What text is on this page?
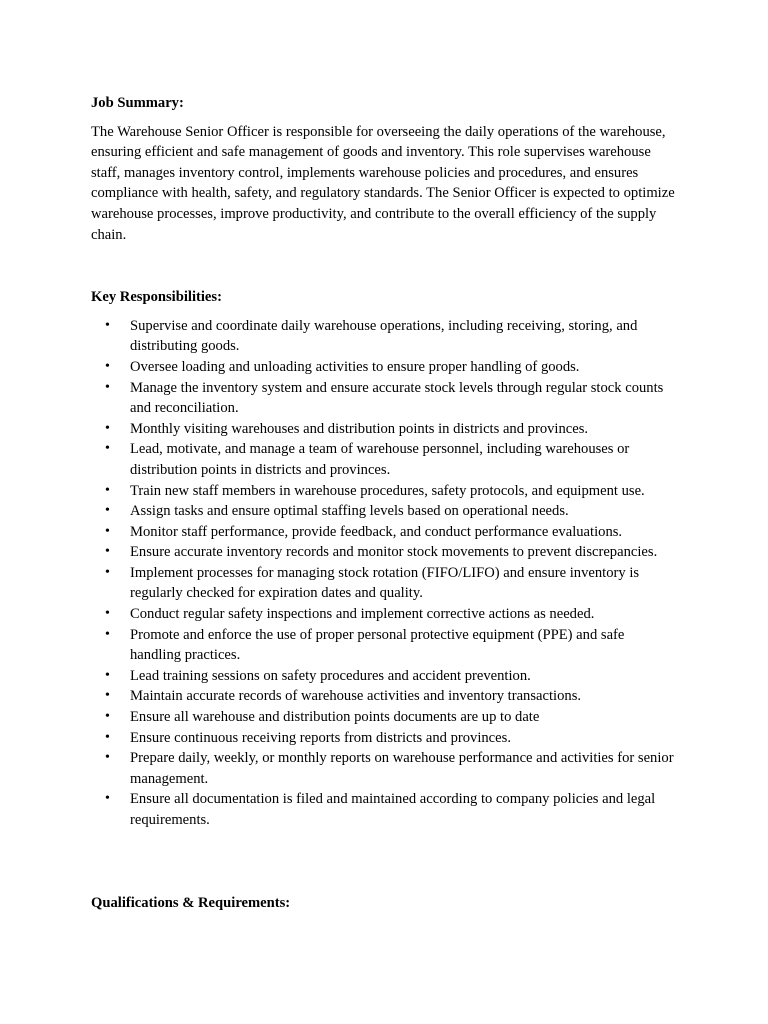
Job Summary:

The Warehouse Senior Officer is responsible for overseeing the daily operations of the warehouse, ensuring efficient and safe management of goods and inventory. This role supervises warehouse staff, manages inventory control, implements warehouse policies and procedures, and ensures compliance with health, safety, and regulatory standards. The Senior Officer is expected to optimize warehouse processes, improve productivity, and contribute to the overall efficiency of the supply chain.

Key Responsibilities:

• Supervise and coordinate daily warehouse operations, including receiving, storing, and distributing goods.
• Oversee loading and unloading activities to ensure proper handling of goods.
• Manage the inventory system and ensure accurate stock levels through regular stock counts and reconciliation.
• Monthly visiting warehouses and distribution points in districts and provinces.
• Lead, motivate, and manage a team of warehouse personnel, including warehouses or distribution points in districts and provinces.
• Train new staff members in warehouse procedures, safety protocols, and equipment use.
• Assign tasks and ensure optimal staffing levels based on operational needs.
• Monitor staff performance, provide feedback, and conduct performance evaluations.
• Ensure accurate inventory records and monitor stock movements to prevent discrepancies.
• Implement processes for managing stock rotation (FIFO/LIFO) and ensure inventory is regularly checked for expiration dates and quality.
• Conduct regular safety inspections and implement corrective actions as needed.
• Promote and enforce the use of proper personal protective equipment (PPE) and safe handling practices.
• Lead training sessions on safety procedures and accident prevention.
• Maintain accurate records of warehouse activities and inventory transactions.
• Ensure all warehouse and distribution points documents are up to date
• Ensure continuous receiving reports from districts and provinces.
• Prepare daily, weekly, or monthly reports on warehouse performance and activities for senior management.
• Ensure all documentation is filed and maintained according to company policies and legal requirements.

Qualifications & Requirements:
